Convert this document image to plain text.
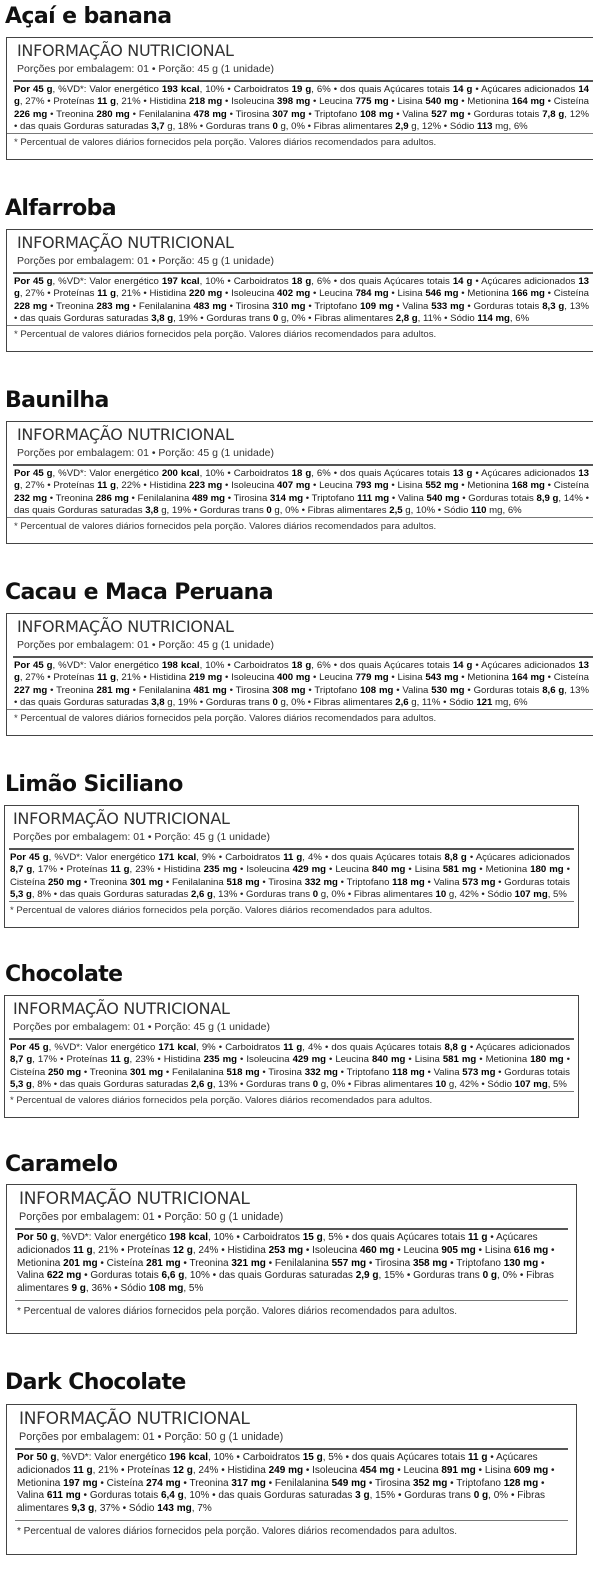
Açaí e banana
INFORMAÇÃO NUTRICIONAL
Porções por embalagem: 01 • Porção: 45 g (1 unidade)

Por 45 g, %VD*: Valor energético 193 kcal, 10% • Carboidratos 19 g, 6% • dos quais Açúcares totais 14 g • Açúcares adicionados 14 g, 27% • Proteínas 11 g, 21% • Histidina 218 mg • Isoleucina 398 mg • Leucina 775 mg • Lisina 540 mg • Metionina 164 mg • Cisteína 226 mg • Treonina 280 mg • Fenilalanina 478 mg • Tirosina 307 mg • Triptofano 108 mg • Valina 527 mg • Gorduras totais 7,8 g, 12% • das quais Gorduras saturadas 3,7 g, 18% • Gorduras trans 0 g, 0% • Fibras alimentares 2,9 g, 12% • Sódio 113 mg, 6%

* Percentual de valores diários fornecidos pela porção. Valores diários recomendados para adultos.
Alfarroba
INFORMAÇÃO NUTRICIONAL
Porções por embalagem: 01 • Porção: 45 g (1 unidade)

Por 45 g, %VD*: Valor energético 197 kcal, 10% • Carboidratos 18 g, 6% • dos quais Açúcares totais 14 g • Açúcares adicionados 13 g, 27% • Proteínas 11 g, 21% • Histidina 220 mg • Isoleucina 402 mg • Leucina 784 mg • Lisina 546 mg • Metionina 166 mg • Cisteína 228 mg • Treonina 283 mg • Fenilalanina 483 mg • Tirosina 310 mg • Triptofano 109 mg • Valina 533 mg • Gorduras totais 8,3 g, 13% • das quais Gorduras saturadas 3,8 g, 19% • Gorduras trans 0 g, 0% • Fibras alimentares 2,8 g, 11% • Sódio 114 mg, 6%

* Percentual de valores diários fornecidos pela porção. Valores diários recomendados para adultos.
Baunilha
INFORMAÇÃO NUTRICIONAL
Porções por embalagem: 01 • Porção: 45 g (1 unidade)

Por 45 g, %VD*: Valor energético 200 kcal, 10% • Carboidratos 18 g, 6% • dos quais Açúcares totais 13 g • Açúcares adicionados 13 g, 27% • Proteínas 11 g, 22% • Histidina 223 mg • Isoleucina 407 mg • Leucina 793 mg • Lisina 552 mg • Metionina 168 mg • Cisteína 232 mg • Treonina 286 mg • Fenilalanina 489 mg • Tirosina 314 mg • Triptofano 111 mg • Valina 540 mg • Gorduras totais 8,9 g, 14% • das quais Gorduras saturadas 3,8 g, 19% • Gorduras trans 0 g, 0% • Fibras alimentares 2,5 g, 10% • Sódio 110 mg, 6%

* Percentual de valores diários fornecidos pela porção. Valores diários recomendados para adultos.
Cacau e Maca Peruana
INFORMAÇÃO NUTRICIONAL
Porções por embalagem: 01 • Porção: 45 g (1 unidade)

Por 45 g, %VD*: Valor energético 198 kcal, 10% • Carboidratos 18 g, 6% • dos quais Açúcares totais 14 g • Açúcares adicionados 13 g, 27% • Proteínas 11 g, 21% • Histidina 219 mg • Isoleucina 400 mg • Leucina 779 mg • Lisina 543 mg • Metionina 164 mg • Cisteína 227 mg • Treonina 281 mg • Fenilalanina 481 mg • Tirosina 308 mg • Triptofano 108 mg • Valina 530 mg • Gorduras totais 8,6 g, 13% • das quais Gorduras saturadas 3,8 g, 19% • Gorduras trans 0 g, 0% • Fibras alimentares 2,6 g, 11% • Sódio 121 mg, 6%

* Percentual de valores diários fornecidos pela porção. Valores diários recomendados para adultos.
Limão Siciliano
INFORMAÇÃO NUTRICIONAL
Porções por embalagem: 01 • Porção: 45 g (1 unidade)

Por 45 g, %VD*: Valor energético 171 kcal, 9% • Carboidratos 11 g, 4% • dos quais Açúcares totais 8,8 g • Açúcares adicionados 8,7 g, 17% • Proteínas 11 g, 23% • Histidina 235 mg • Isoleucina 429 mg • Leucina 840 mg • Lisina 581 mg • Metionina 180 mg • Cisteína 250 mg • Treonina 301 mg • Fenilalanina 518 mg • Tirosina 332 mg • Triptofano 118 mg • Valina 573 mg • Gorduras totais 5,3 g, 8% • das quais Gorduras saturadas 2,6 g, 13% • Gorduras trans 0 g, 0% • Fibras alimentares 10 g, 42% • Sódio 107 mg, 5%

* Percentual de valores diários fornecidos pela porção. Valores diários recomendados para adultos.
Chocolate
INFORMAÇÃO NUTRICIONAL
Porções por embalagem: 01 • Porção: 45 g (1 unidade)

Por 45 g, %VD*: Valor energético 171 kcal, 9% • Carboidratos 11 g, 4% • dos quais Açúcares totais 8,8 g • Açúcares adicionados 8,7 g, 17% • Proteínas 11 g, 23% • Histidina 235 mg • Isoleucina 429 mg • Leucina 840 mg • Lisina 581 mg • Metionina 180 mg • Cisteína 250 mg • Treonina 301 mg • Fenilalanina 518 mg • Tirosina 332 mg • Triptofano 118 mg • Valina 573 mg • Gorduras totais 5,3 g, 8% • das quais Gorduras saturadas 2,6 g, 13% • Gorduras trans 0 g, 0% • Fibras alimentares 10 g, 42% • Sódio 107 mg, 5%

* Percentual de valores diários fornecidos pela porção. Valores diários recomendados para adultos.
Caramelo
INFORMAÇÃO NUTRICIONAL
Porções por embalagem: 01 • Porção: 50 g (1 unidade)

Por 50 g, %VD*: Valor energético 198 kcal, 10% • Carboidratos 15 g, 5% • dos quais Açúcares totais 11 g • Açúcares adicionados 11 g, 21% • Proteínas 12 g, 24% • Histidina 253 mg • Isoleucina 460 mg • Leucina 905 mg • Lisina 616 mg • Metionina 201 mg • Cisteína 281 mg • Treonina 321 mg • Fenilalanina 557 mg • Tirosina 358 mg • Triptofano 130 mg • Valina 622 mg • Gorduras totais 6,6 g, 10% • das quais Gorduras saturadas 2,9 g, 15% • Gorduras trans 0 g, 0% • Fibras alimentares 9 g, 36% • Sódio 108 mg, 5%

* Percentual de valores diários fornecidos pela porção. Valores diários recomendados para adultos.
Dark Chocolate
INFORMAÇÃO NUTRICIONAL
Porções por embalagem: 01 • Porção: 50 g (1 unidade)

Por 50 g, %VD*: Valor energético 196 kcal, 10% • Carboidratos 15 g, 5% • dos quais Açúcares totais 11 g • Açúcares adicionados 11 g, 21% • Proteínas 12 g, 24% • Histidina 249 mg • Isoleucina 454 mg • Leucina 891 mg • Lisina 609 mg • Metionina 197 mg • Cisteína 274 mg • Treonina 317 mg • Fenilalanina 549 mg • Tirosina 352 mg • Triptofano 128 mg • Valina 611 mg • Gorduras totais 6,4 g, 10% • das quais Gorduras saturadas 3 g, 15% • Gorduras trans 0 g, 0% • Fibras alimentares 9,3 g, 37% • Sódio 143 mg, 7%

* Percentual de valores diários fornecidos pela porção. Valores diários recomendados para adultos.
